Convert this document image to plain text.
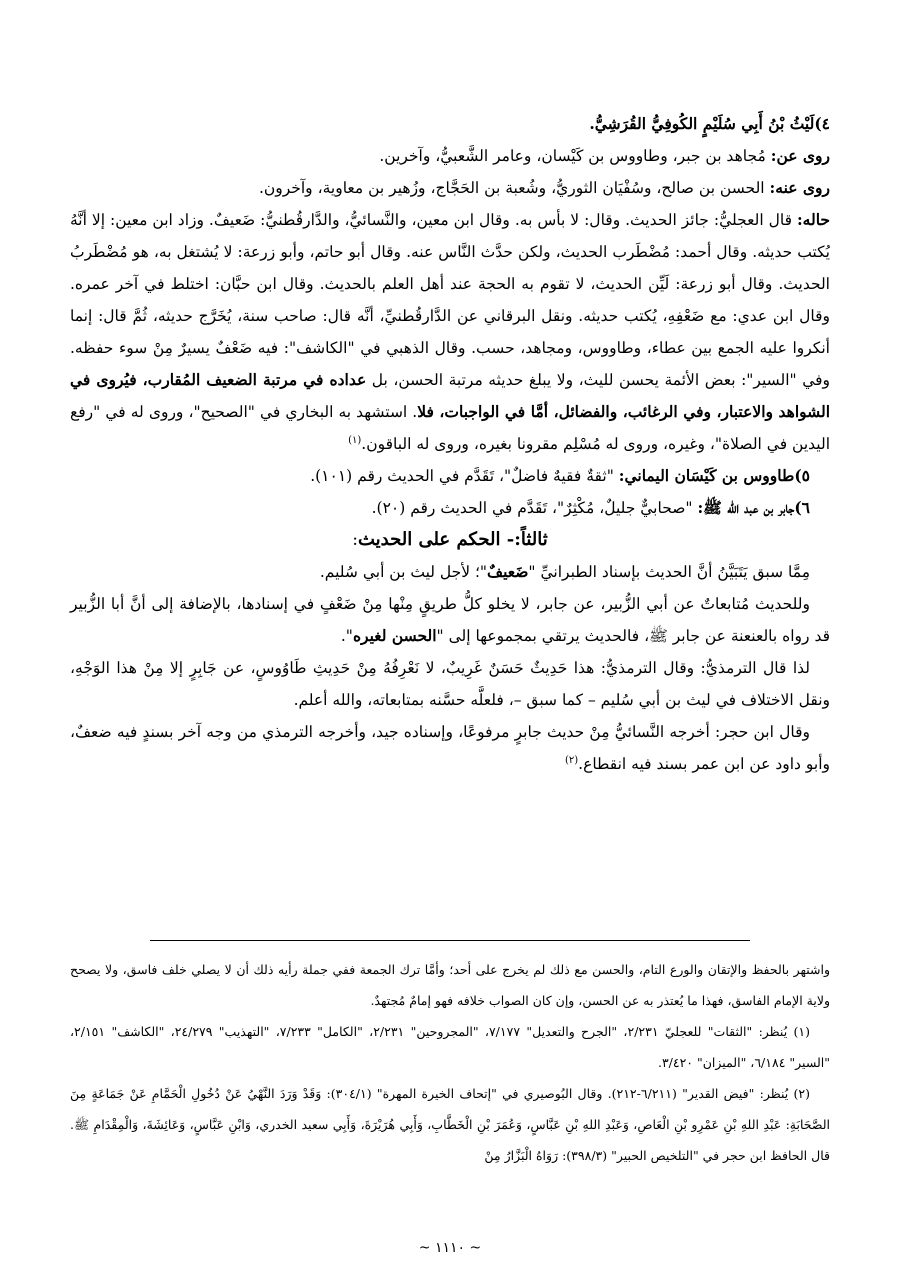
٤)لَيْثُ بْنُ أَبِي سُلَيْمٍ الكُوفِيُّ القُرَشِيُّ.

روى عن: مُجاهد بن جبر، وطاووس بن كَيْسان، وعامر الشَّعبيُّ، وآخرين.

روى عنه: الحسن بن صالح، وسُفْيَان الثوريُّ، وشُعبة بن الحَجَّاج، وزُهير بن معاوية، وآخرون.

حاله: قال العجليُّ: جائز الحديث. وقال: لا بأس به. وقال ابن معين، والنَّسائيُّ، والدَّارقُطنيُّ: ضَعيفٌ. وزاد ابن معين: إلا أنَّهُ يُكتب حديثه. وقال أحمد: مُضْطَرب الحديث، ولكن حدَّث النَّاس عنه. وقال أبو حاتم، وأبو زرعة: لا يُشتغل به، هو مُضْطَربُ الحديث. وقال أبو زرعة: لَيِّن الحديث، لا تقوم به الحجة عند أهل العلم بالحديث. وقال ابن حبَّان: اختلط في آخر عمره. وقال ابن عدي: مع ضَعْفِهِ، يُكتب حديثه. ونقل البرقاني عن الدَّارقُطنيِّ، أنَّه قال: صاحب سنة، يُخَرَّج حديثه، ثُمَّ قال: إنما أنكروا عليه الجمع بين عطاء، وطاووس، ومجاهد، حسب. وقال الذهبي في "الكاشف": فيه ضَعْفٌ يسيرٌ مِنْ سوء حفظه. وفي "السير": بعض الأئمة يحسن لليث، ولا يبلغ حديثه مرتبة الحسن، بل عداده في مرتبة الضعيف المُقارب، فيُروى في الشواهد والاعتبار، وفي الرغائب، والفضائل، أمَّا في الواجبات، فلا. استشهد به البخاري في "الصحيح"، وروى له في "رفع اليدين في الصلاة"، وغيره، وروى له مُسْلِم مقرونا بغيره، وروى له الباقون.$^{(١)}$

٥)طاووس بن كَيْسَان اليماني: "ثقةٌ فقيهٌ فاضلٌ"، تَقَدَّم في الحديث رقم (١٠١).

٦)جابر بن عبد الله ﷺ: "صحابيٌّ جليلٌ، مُكْثِرٌ"، تَقَدَّم في الحديث رقم (٢٠).

ثالثاً:- الحكم على الحديث:

مِمَّا سبق يَتَبَيَّنُ أنَّ الحديث بإسناد الطبرانيِّ "ضَعيفٌ"؛ لأجل ليث بن أبي سُليم.

وللحديث مُتابعاتٌ عن أبي الزُّبير، عن جابر، لا يخلو كلُّ طريقٍ مِنْها مِنْ ضَعْفٍ في إسنادها، بالإضافة إلى أنَّ أبا الزُّبير قد رواه بالعنعنة عن جابر ﷺ، فالحديث يرتقي بمجموعها إلى "الحسن لغيره".

لذا قال الترمذيُّ: وقال الترمذيُّ: هذا حَدِيثٌ حَسَنٌ غَرِيبٌ، لا نَعْرِفُهُ مِنْ حَدِيثِ طَاوُوسٍ، عن جَابِرٍ إلا مِنْ هذا الوَجْهِ، ونقل الاختلاف في ليث بن أبي سُليم – كما سبق –، فلعلَّه حسَّنه بمتابعاته، والله أعلم.

وقال ابن حجر: أخرجه النَّسائيُّ مِنْ حديث جابرٍ مرفوعًا، وإسناده جيد، وأخرجه الترمذي من وجه آخر بسندٍ فيه ضعفٌ، وأبو داود عن ابن عمر بسند فيه انقطاع.$^{(٢)}$

واشتهر بالحفظ والإتقان والورع التام، والحسن مع ذلك لم يخرج على أحد؛ وأمَّا ترك الجمعة ففي جملة رأيه ذلك أن لا يصلي خلف فاسق، ولا يصحح ولاية الإمام الفاسق، فهذا ما يُعتذر به عن الحسن، وإن كان الصواب خلافه فهو إمامٌ مُجتهدٌ.

(١) يُنظر: "الثقات" للعجليّ ٢/٢٣١، "الجرح والتعديل" ٧/١٧٧، "المجروحين" ٢/٢٣١، "الكامل" ٧/٢٣٣، "التهذيب" ٢٤/٢٧٩، "الكاشف" ٢/١٥١، "السير" ٦/١٨٤، "الميزان" ٣/٤٢٠.

(٢) يُنظر: "فيض القدير" (٦/٢١١-٢١٢). وقال البُوصيري في "إتحاف الخيرة المهرة" (٣٠٤/١): وَقَدْ وَرَدَ النَّهْيُ عَنْ دُخُولِ الْحَمَّامِ عَنْ جَمَاعَةٍ مِنَ الصَّحَابَةِ: عَبْدِ اللهِ بْنِ عَمْرِو بْنِ الْعَاصِ، وَعَبْدِ اللهِ بْنِ عَبَّاسٍ، وَعُمَرَ بْنِ الْخَطَّابِ، وَأَبِي هُرَيْرَةَ، وَأَبِي سعيد الخدري، وَابْنِ عَبَّاسٍ، وَعَائِشَةَ، وَالْمِقْدَامِ ﷺ. قال الحافظ ابن حجر في "التلخيص الحبير" (٣٩٨/٣): رَوَاهُ الْبَزَّارُ مِنْ

~ ١١١٠ ~
